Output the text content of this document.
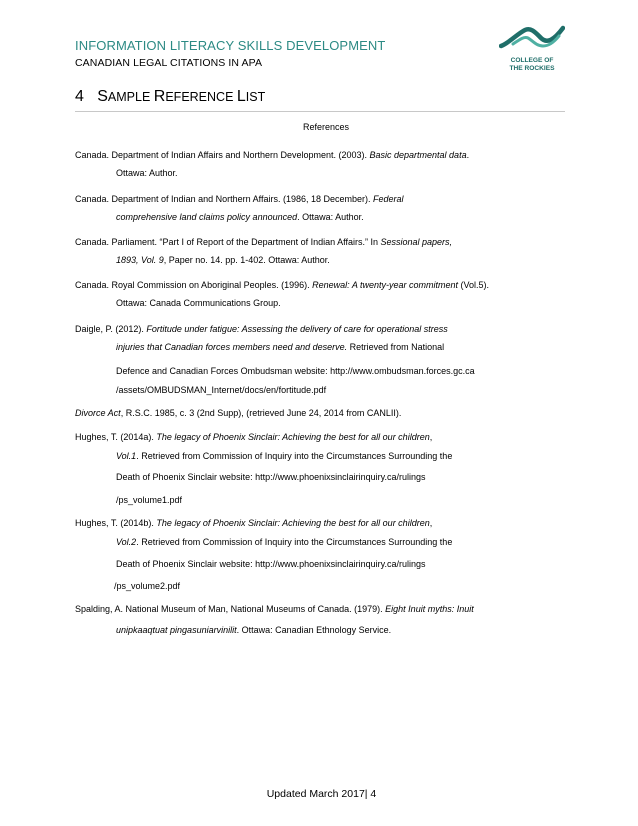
INFORMATION LITERACY SKILLS DEVELOPMENT
CANADIAN LEGAL CITATIONS IN APA	COLLEGE OF
THE ROCKIES
4 SAMPLE REFERENCE LIST
References
Canada. Department of Indian Affairs and Northern Development. (2003). Basic departmental data.
Ottawa: Author.
Canada. Department of Indian and Northern Affairs. (1986, 18 December). Federal
comprehensive land claims policy announced. Ottawa: Author.
Canada. Parliament. “Part I of Report of the Department of Indian Affairs.” In Sessional papers,
1893, Vol. 9, Paper no. 14. pp. 1-402. Ottawa: Author.
Canada. Royal Commission on Aboriginal Peoples. (1996). Renewal: A twenty-year commitment (Vol.5).
Ottawa: Canada Communications Group.
Daigle, P. (2012). Fortitude under fatigue: Assessing the delivery of care for operational stress
injuries that Canadian forces members need and deserve. Retrieved from National
Defence and Canadian Forces Ombudsman website: http://www.ombudsman.forces.gc.ca
/assets/OMBUDSMAN_Internet/docs/en/fortitude.pdf
Divorce Act, R.S.C. 1985, c. 3 (2nd Supp), (retrieved June 24, 2014 from CANLII).
Hughes, T. (2014a). The legacy of Phoenix Sinclair: Achieving the best for all our children,
Vol.1. Retrieved from Commission of Inquiry into the Circumstances Surrounding the
Death of Phoenix Sinclair website: http://www.phoenixsinclairinquiry.ca/rulings
/ps_volume1.pdf
Hughes, T. (2014b). The legacy of Phoenix Sinclair: Achieving the best for all our children,
Vol.2. Retrieved from Commission of Inquiry into the Circumstances Surrounding the
Death of Phoenix Sinclair website: http://www.phoenixsinclairinquiry.ca/rulings
/ps_volume2.pdf
Spalding, A. National Museum of Man, National Museums of Canada. (1979). Eight Inuit myths: Inuit
unipkaaqtuat pingasuniarvinilit. Ottawa: Canadian Ethnology Service.
Updated March 2017| 4
